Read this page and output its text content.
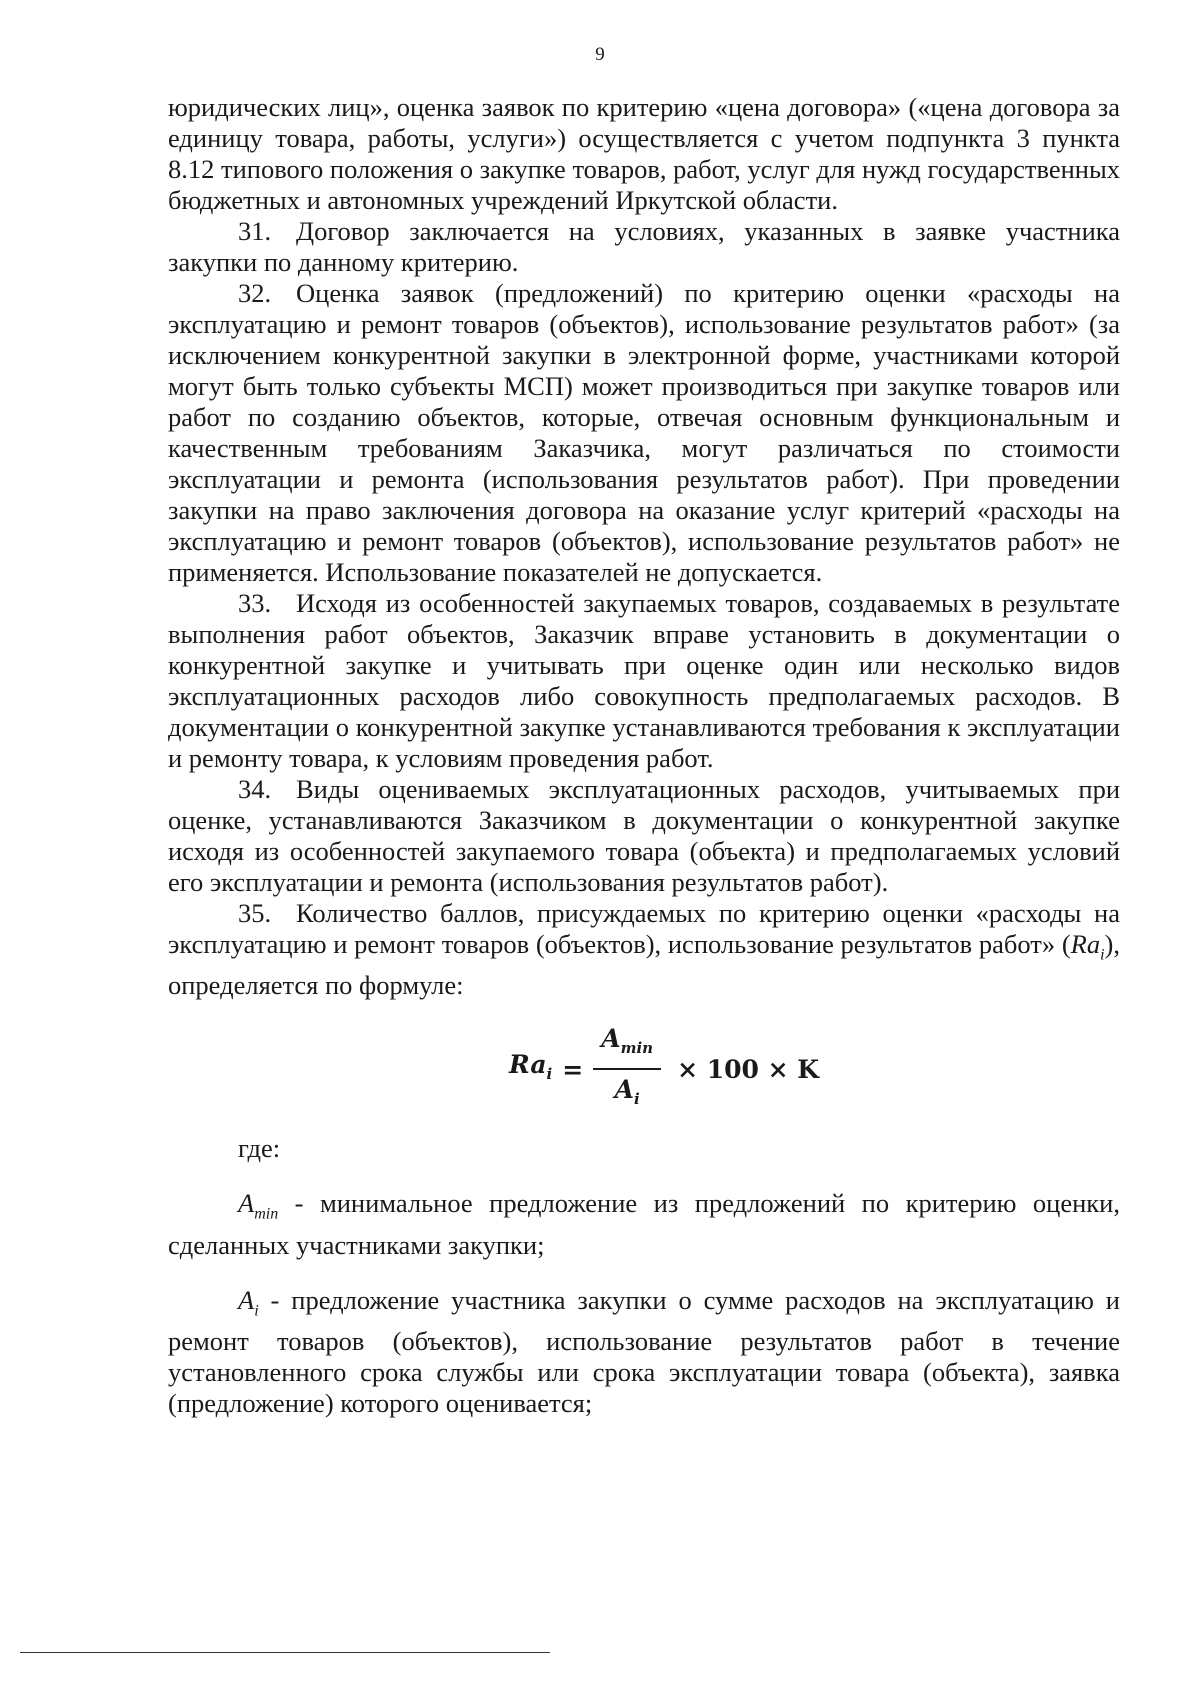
9

юридических лиц», оценка заявок по критерию «цена договора» («цена договора за единицу товара, работы, услуги») осуществляется с учетом подпункта 3 пункта 8.12 типового положения о закупке товаров, работ, услуг для нужд государственных бюджетных и автономных учреждений Иркутской области.

31. Договор заключается на условиях, указанных в заявке участника закупки по данному критерию.

32. Оценка заявок (предложений) по критерию оценки «расходы на эксплуатацию и ремонт товаров (объектов), использование результатов работ» (за исключением конкурентной закупки в электронной форме, участниками которой могут быть только субъекты МСП) может производиться при закупке товаров или работ по созданию объектов, которые, отвечая основным функциональным и качественным требованиям Заказчика, могут различаться по стоимости эксплуатации и ремонта (использования результатов работ). При проведении закупки на право заключения договора на оказание услуг критерий «расходы на эксплуатацию и ремонт товаров (объектов), использование результатов работ» не применяется. Использование показателей не допускается.

33. Исходя из особенностей закупаемых товаров, создаваемых в результате выполнения работ объектов, Заказчик вправе установить в документации о конкурентной закупке и учитывать при оценке один или несколько видов эксплуатационных расходов либо совокупность предполагаемых расходов. В документации о конкурентной закупке устанавливаются требования к эксплуатации и ремонту товара, к условиям проведения работ.

34. Виды оцениваемых эксплуатационных расходов, учитываемых при оценке, устанавливаются Заказчиком в документации о конкурентной закупке исходя из особенностей закупаемого товара (объекта) и предполагаемых условий его эксплуатации и ремонта (использования результатов работ).

35. Количество баллов, присуждаемых по критерию оценки «расходы на эксплуатацию и ремонт товаров (объектов), использование результатов работ» $(Ra_i)$, определяется по формуле:

$Ra_i = \frac{A_{min}}{A_i} \times 100 \times K$

где:

$A_{min}$ - минимальное предложение из предложений по критерию оценки, сделанных участниками закупки;

$A_i$ - предложение участника закупки о сумме расходов на эксплуатацию и ремонт товаров (объектов), использование результатов работ в течение установленного срока службы или срока эксплуатации товара (объекта), заявка (предложение) которого оценивается;
